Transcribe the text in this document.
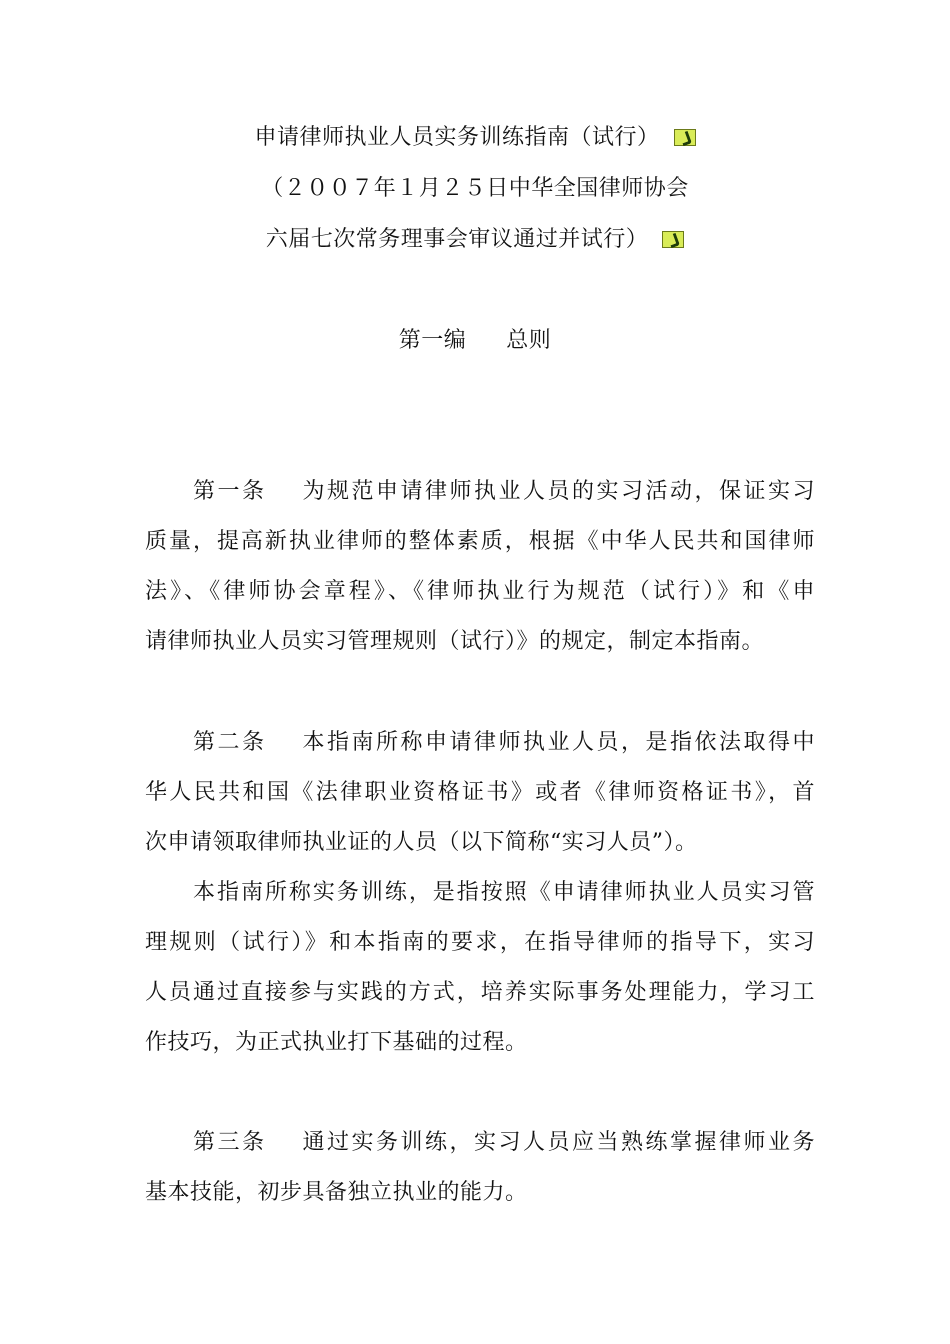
申请律师执业人员实务训练指南（试行）
（２００７年１月２５日中华全国律师协会
六届七次常务理事会审议通过并试行）
第一编 总则
第一条 为规范申请律师执业人员的实习活动，保证实习
质量，提高新执业律师的整体素质，根据《中华人民共和国律师
法》、《律师协会章程》、《律师执业行为规范（试行）》和《申
请律师执业人员实习管理规则（试行）》的规定，制定本指南。
第二条 本指南所称申请律师执业人员，是指依法取得中
华人民共和国《法律职业资格证书》或者《律师资格证书》，首
次申请领取律师执业证的人员（以下简称“实习人员”）。
本指南所称实务训练，是指按照《申请律师执业人员实习管
理规则（试行）》和本指南的要求，在指导律师的指导下，实习
人员通过直接参与实践的方式，培养实际事务处理能力，学习工
作技巧，为正式执业打下基础的过程。
第三条 通过实务训练，实习人员应当熟练掌握律师业务
基本技能，初步具备独立执业的能力。
